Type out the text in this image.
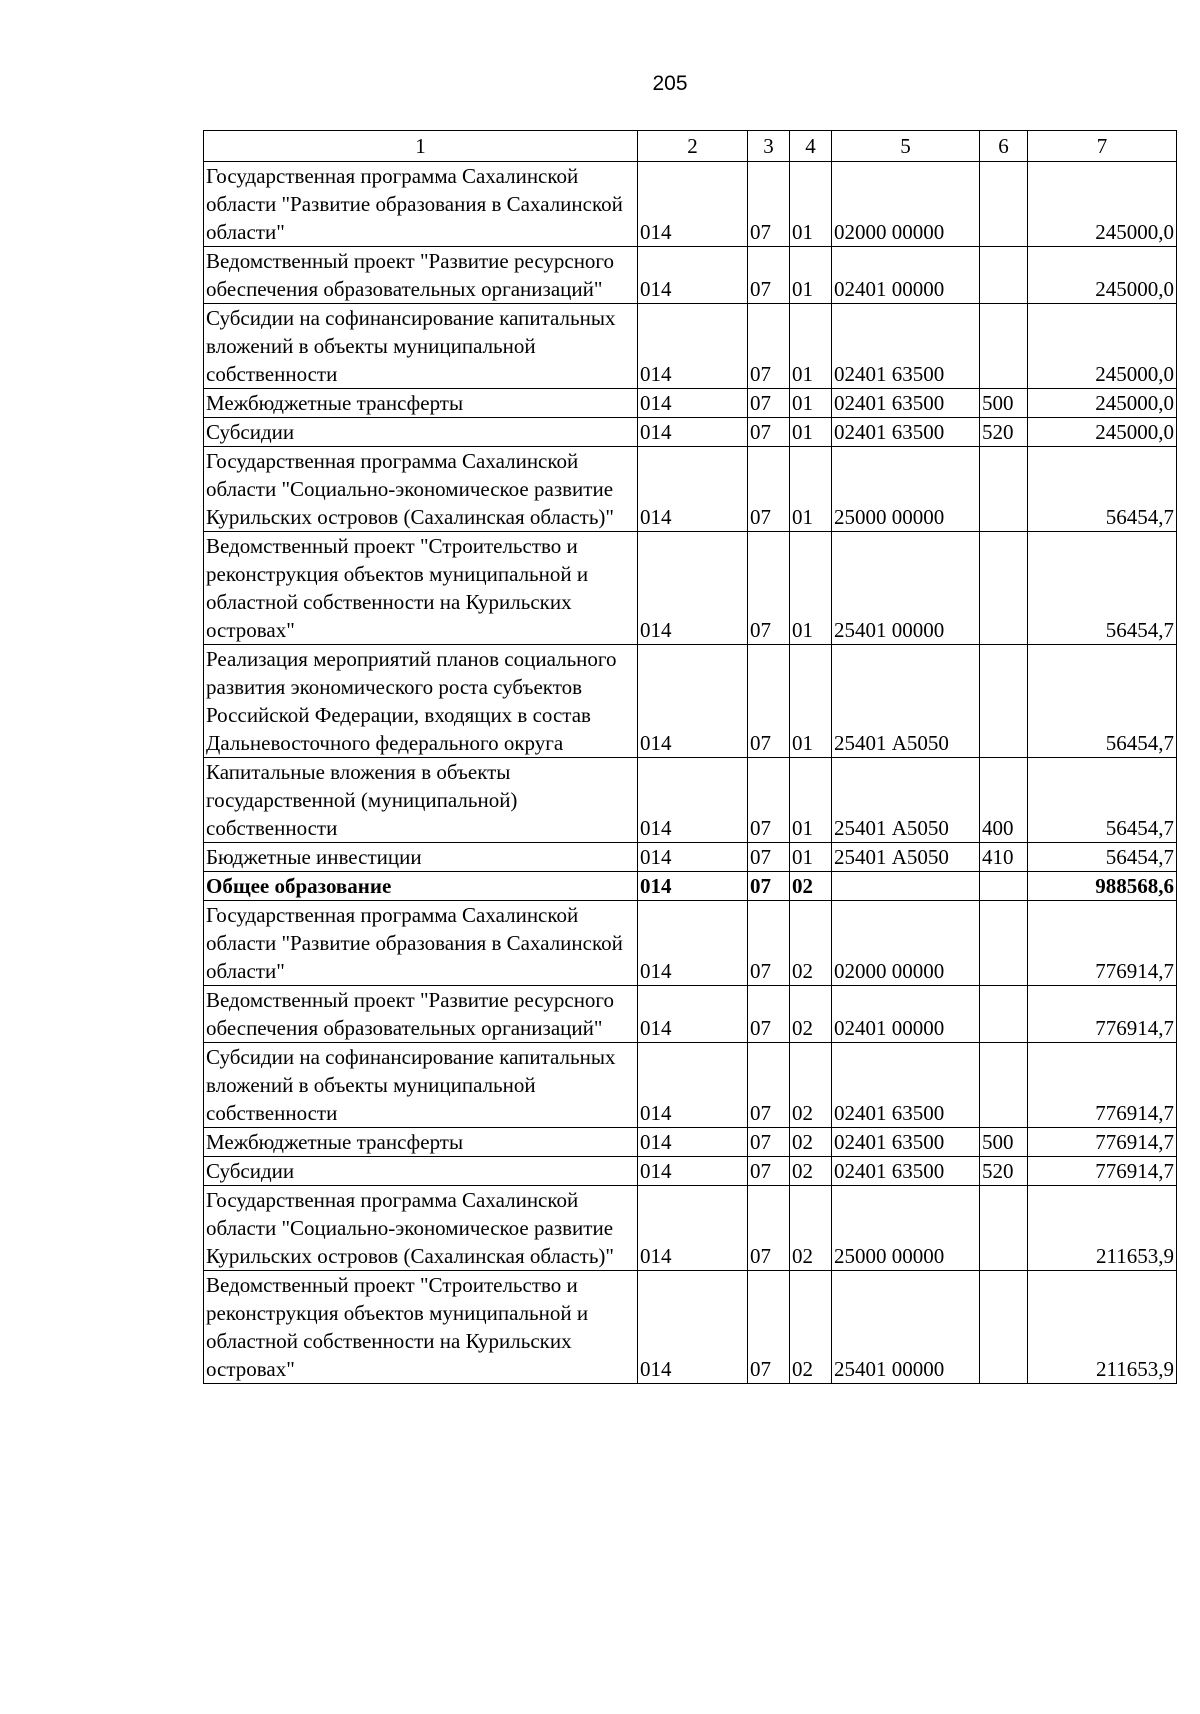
205
1	2	3	4	5	6	7
Государственная программа Сахалинской области "Развитие образования в Сахалинской области"	014	07	01	02000 00000		245000,0
Ведомственный проект "Развитие ресурсного обеспечения образовательных организаций"	014	07	01	02401 00000		245000,0
Субсидии на софинансирование капитальных вложений в объекты муниципальной собственности	014	07	01	02401 63500		245000,0
Межбюджетные трансферты	014	07	01	02401 63500	500	245000,0
Субсидии	014	07	01	02401 63500	520	245000,0
Государственная программа Сахалинской области "Социально-экономическое развитие Курильских островов (Сахалинская область)"	014	07	01	25000 00000		56454,7
Ведомственный проект "Строительство и реконструкция объектов муниципальной и областной собственности на Курильских островах"	014	07	01	25401 00000		56454,7
Реализация мероприятий планов социального развития экономического роста субъектов Российской Федерации, входящих в состав Дальневосточного федерального округа	014	07	01	25401 А5050		56454,7
Капитальные вложения в объекты государственной (муниципальной) собственности	014	07	01	25401 А5050	400	56454,7
Бюджетные инвестиции	014	07	01	25401 А5050	410	56454,7
Общее образование	014	07	02			988568,6
Государственная программа Сахалинской области "Развитие образования в Сахалинской области"	014	07	02	02000 00000		776914,7
Ведомственный проект "Развитие ресурсного обеспечения образовательных организаций"	014	07	02	02401 00000		776914,7
Субсидии на софинансирование капитальных вложений в объекты муниципальной собственности	014	07	02	02401 63500		776914,7
Межбюджетные трансферты	014	07	02	02401 63500	500	776914,7
Субсидии	014	07	02	02401 63500	520	776914,7
Государственная программа Сахалинской области "Социально-экономическое развитие Курильских островов (Сахалинская область)"	014	07	02	25000 00000		211653,9
Ведомственный проект "Строительство и реконструкция объектов муниципальной и областной собственности на Курильских островах"	014	07	02	25401 00000		211653,9
